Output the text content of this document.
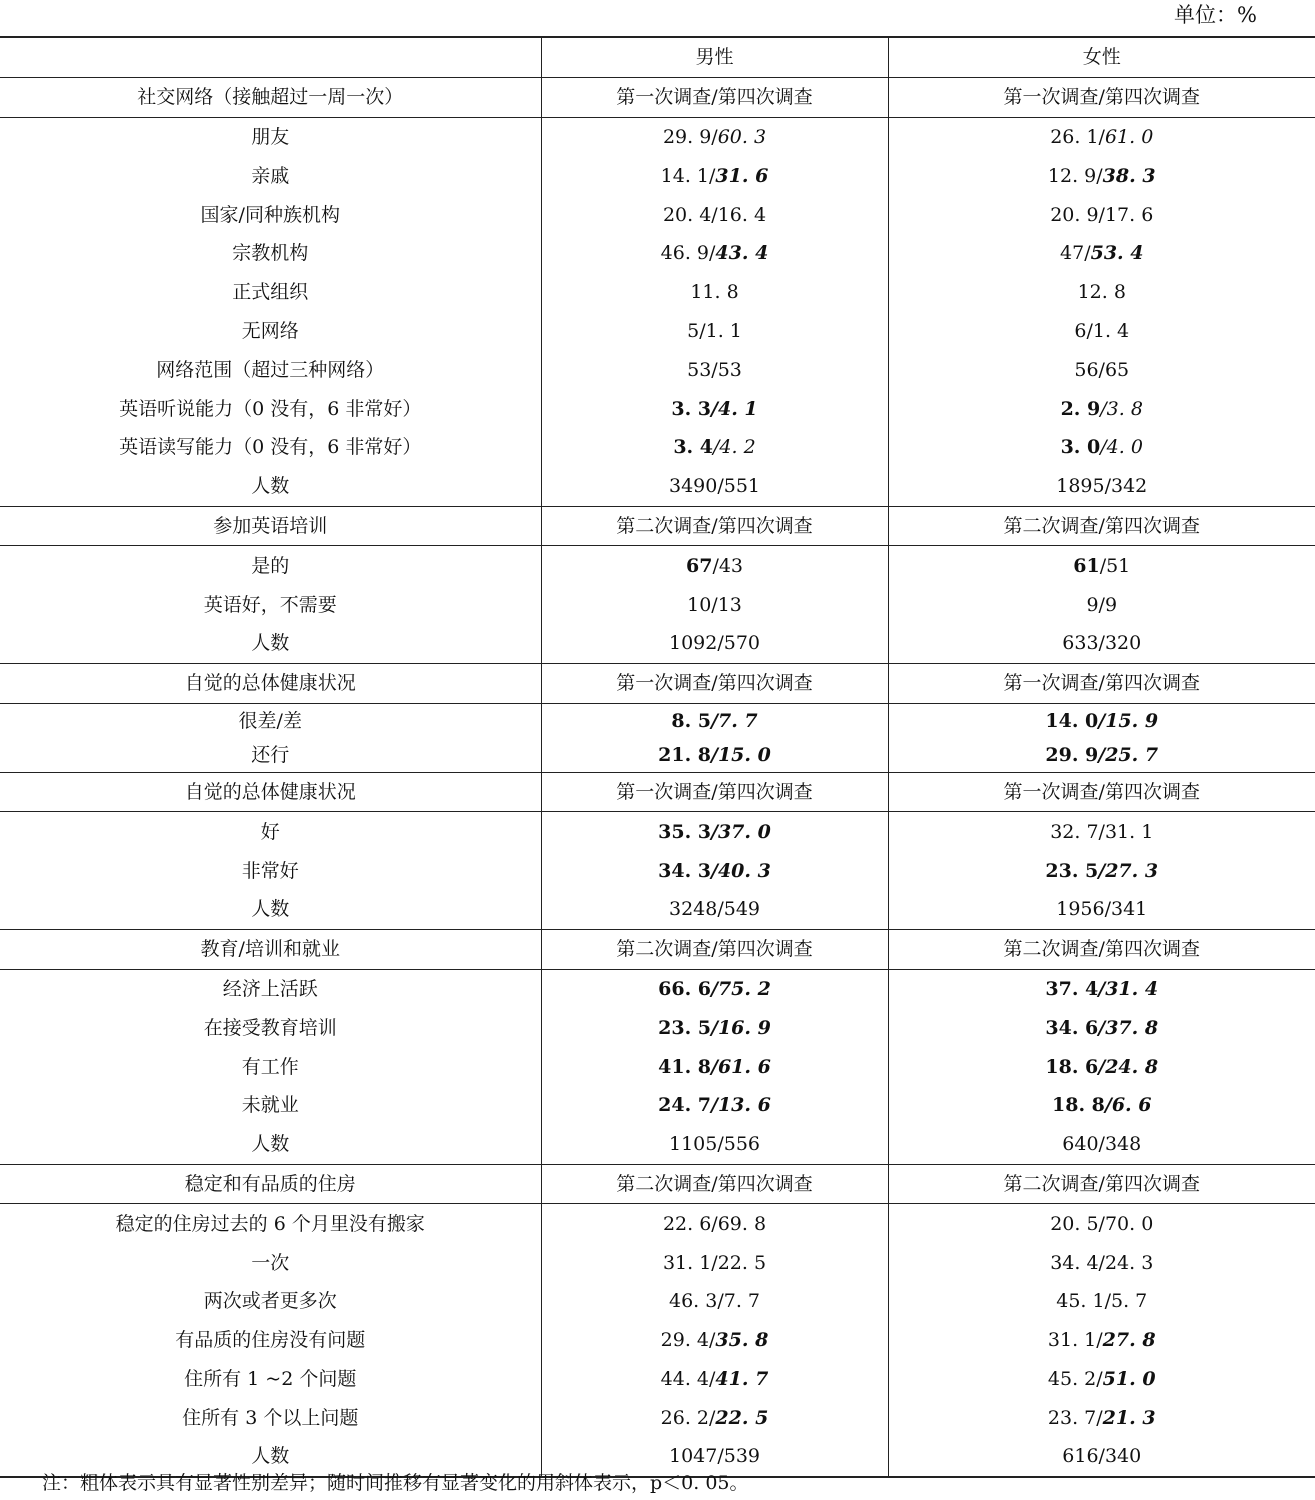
单位：%
	男性	女性
社交网络（接触超过一周一次）	第一次调查/第四次调查	第一次调查/第四次调查
朋友	29. 9/60. 3	26. 1/61. 0
亲戚	14. 1/31. 6	12. 9/38. 3
国家/同种族机构	20. 4/16. 4	20. 9/17. 6
宗教机构	46. 9/43. 4	47/53. 4
正式组织	11. 8	12. 8
无网络	5/1. 1	6/1. 4
网络范围（超过三种网络）	53/53	56/65
英语听说能力（0 没有，6 非常好）	3. 3/4. 1	2. 9/3. 8
英语读写能力（0 没有，6 非常好）	3. 4/4. 2	3. 0/4. 0
人数	3490/551	1895/342
参加英语培训	第二次调查/第四次调查	第二次调查/第四次调查
是的	67/43	61/51
英语好，不需要	10/13	9/9
人数	1092/570	633/320
自觉的总体健康状况	第一次调查/第四次调查	第一次调查/第四次调查
很差/差	8. 5/7. 7	14. 0/15. 9
还行	21. 8/15. 0	29. 9/25. 7
自觉的总体健康状况	第一次调查/第四次调查	第一次调查/第四次调查
好	35. 3/37. 0	32. 7/31. 1
非常好	34. 3/40. 3	23. 5/27. 3
人数	3248/549	1956/341
教育/培训和就业	第二次调查/第四次调查	第二次调查/第四次调查
经济上活跃	66. 6/75. 2	37. 4/31. 4
在接受教育培训	23. 5/16. 9	34. 6/37. 8
有工作	41. 8/61. 6	18. 6/24. 8
未就业	24. 7/13. 6	18. 8/6. 6
人数	1105/556	640/348
稳定和有品质的住房	第二次调查/第四次调查	第二次调查/第四次调查
稳定的住房过去的 6 个月里没有搬家	22. 6/69. 8	20. 5/70. 0
一次	31. 1/22. 5	34. 4/24. 3
两次或者更多次	46. 3/7. 7	45. 1/5. 7
有品质的住房没有问题	29. 4/35. 8	31. 1/27. 8
住所有 1 ~2 个问题	44. 4/41. 7	45. 2/51. 0
住所有 3 个以上问题	26. 2/22. 5	23. 7/21. 3
人数	1047/539	616/340
注：粗体表示具有显著性别差异；随时间推移有显著变化的用斜体表示，p＜0. 05。
